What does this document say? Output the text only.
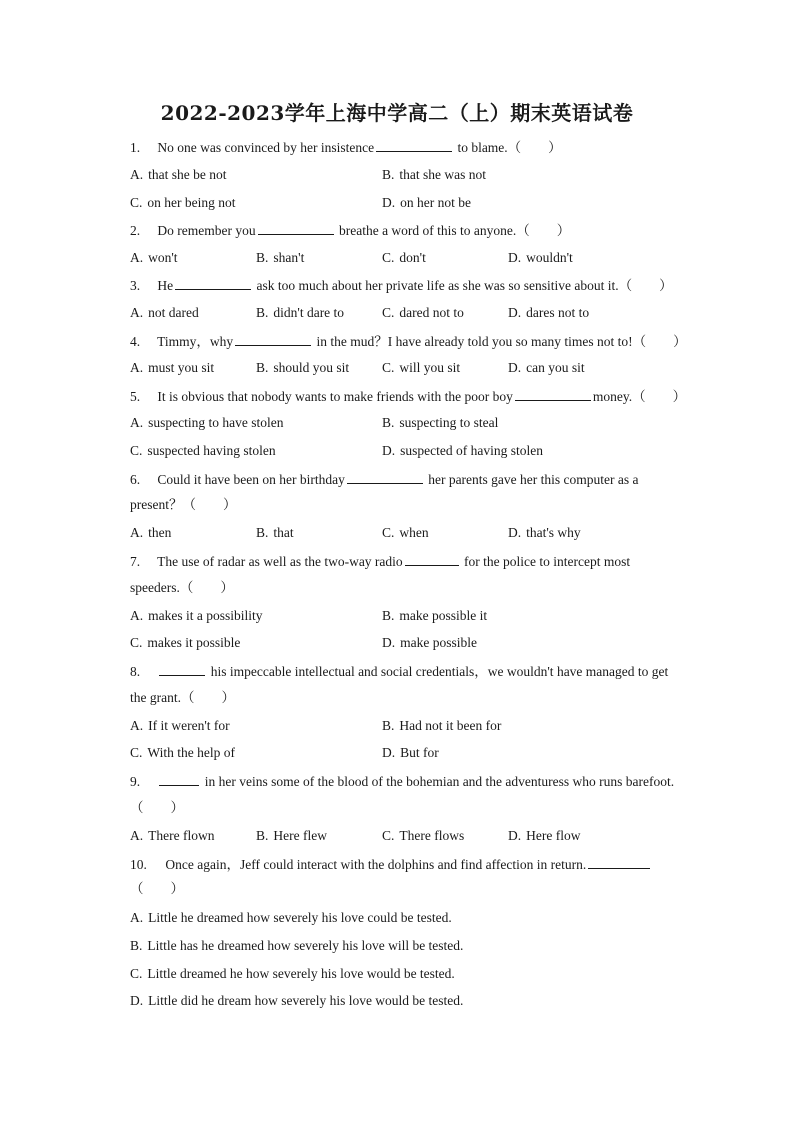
2022-2023学年上海中学高二（上）期末英语试卷
1. No one was convinced by her insistence	to blame.（　　）
A. that she be not	B. that she was not
C. on her being not	D. on her not be
2. Do remember you	breathe a word of this to anyone.（　　）
A. won't	B. shan't	C. don't	D. wouldn't
3. He	ask too much about her private life as she was so sensitive about it.（　　）
A. not dared	B. didn't dare to	C. dared not to	D. dares not to
4. Timmy，why	in the mud？I have already told you so many times not to!（　　）
A. must you sit	B. should you sit C. will you sit	D. can you sit
5. It is obvious that nobody wants to make friends with the poor boy	money.（　　）
A. suspecting to have stolen	B. suspecting to steal
C. suspected having stolen	D. suspected of having stolen
6. Could it have been on her birthday	her parents gave her this computer as a
present？（　　）
A. then	B. that	C. when	D. that's why
7. The use of radar as well as the two-way radio	for the police to intercept most
speeders.（　　）
A. makes it a possibility	B. make possible it
C. makes it possible	D. make possible
8.	his impeccable intellectual and social credentials，we wouldn't have managed to get
the grant.（　　）
A. If it weren't for	B. Had not it been for
C. With the help of	D. But for
9.	in her veins some of the blood of the bohemian and the adventuress who runs barefoot.
（　　）
A. There flown	B. Here flew	C. There flows	D. Here flow
10. Once again，Jeff could interact with the dolphins and find affection in return.
（　　）
A. Little he dreamed how severely his love could be tested.
B. Little has he dreamed how severely his love will be tested.
C. Little dreamed he how severely his love would be tested.
D. Little did he dream how severely his love would be tested.
